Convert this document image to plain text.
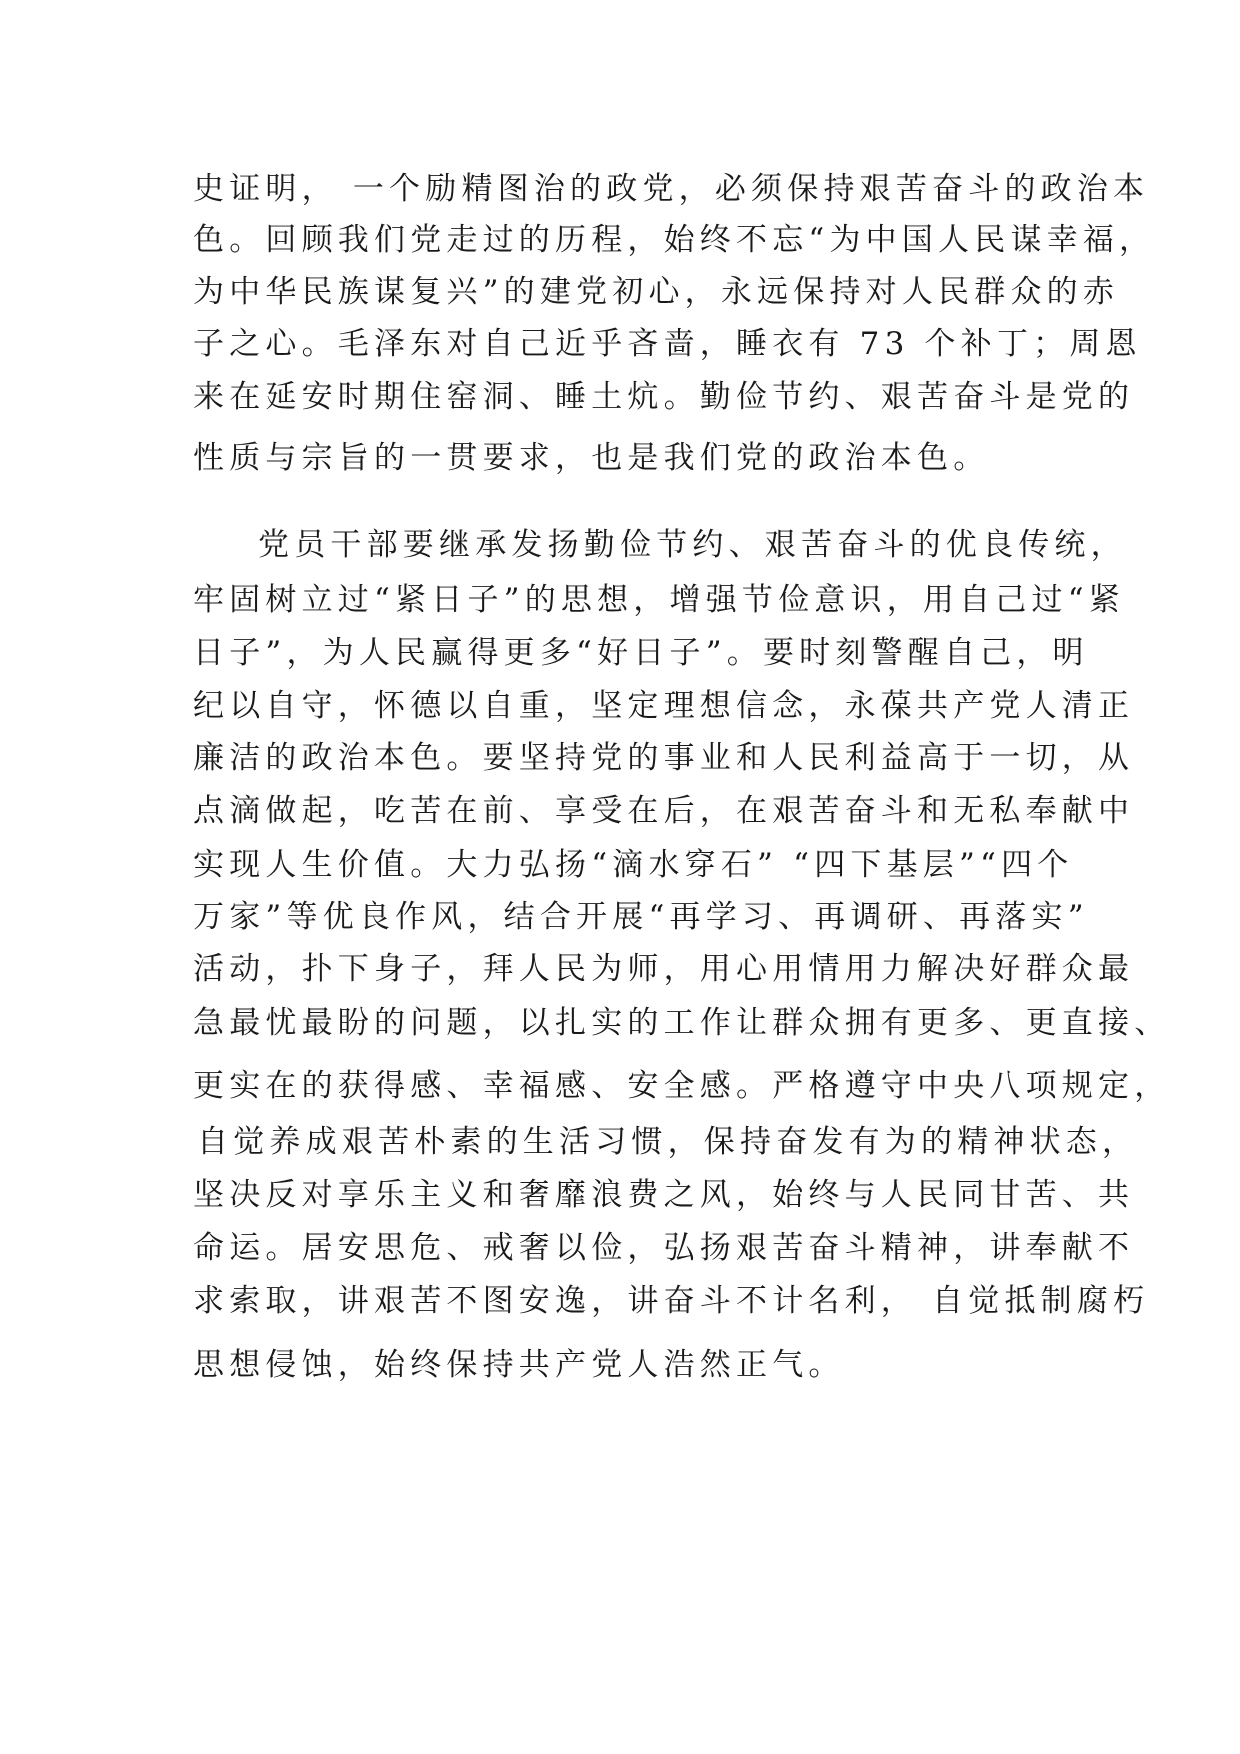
史证明， 一个励精图治的政党，必须保持艰苦奋斗的政治本
色。回顾我们党走过的历程，始终不忘“为中国人民谋幸福，
为中华民族谋复兴”的建党初心，永远保持对人民群众的赤
子之心。毛泽东对自己近乎吝啬，睡衣有 73 个补丁；周恩
来在延安时期住窑洞、睡土炕。勤俭节约、艰苦奋斗是党的
性质与宗旨的一贯要求，也是我们党的政治本色。
党员干部要继承发扬勤俭节约、艰苦奋斗的优良传统，
牢固树立过“紧日子”的思想，增强节俭意识，用自己过“紧
日子”，为人民赢得更多“好日子”。要时刻警醒自己，明
纪以自守，怀德以自重，坚定理想信念，永葆共产党人清正
廉洁的政治本色。要坚持党的事业和人民利益高于一切，从
点滴做起，吃苦在前、享受在后，在艰苦奋斗和无私奉献中
实现人生价值。大力弘扬“滴水穿石” “四下基层”“四个
万家”等优良作风，结合开展“再学习、再调研、再落实”
活动，扑下身子，拜人民为师，用心用情用力解决好群众最
急最忧最盼的问题，以扎实的工作让群众拥有更多、更直接、
更实在的获得感、幸福感、安全感。严格遵守中央八项规定，
自觉养成艰苦朴素的生活习惯，保持奋发有为的精神状态，
坚决反对享乐主义和奢靡浪费之风，始终与人民同甘苦、共
命运。居安思危、戒奢以俭，弘扬艰苦奋斗精神，讲奉献不
求索取，讲艰苦不图安逸，讲奋斗不计名利， 自觉抵制腐朽
思想侵蚀，始终保持共产党人浩然正气。
